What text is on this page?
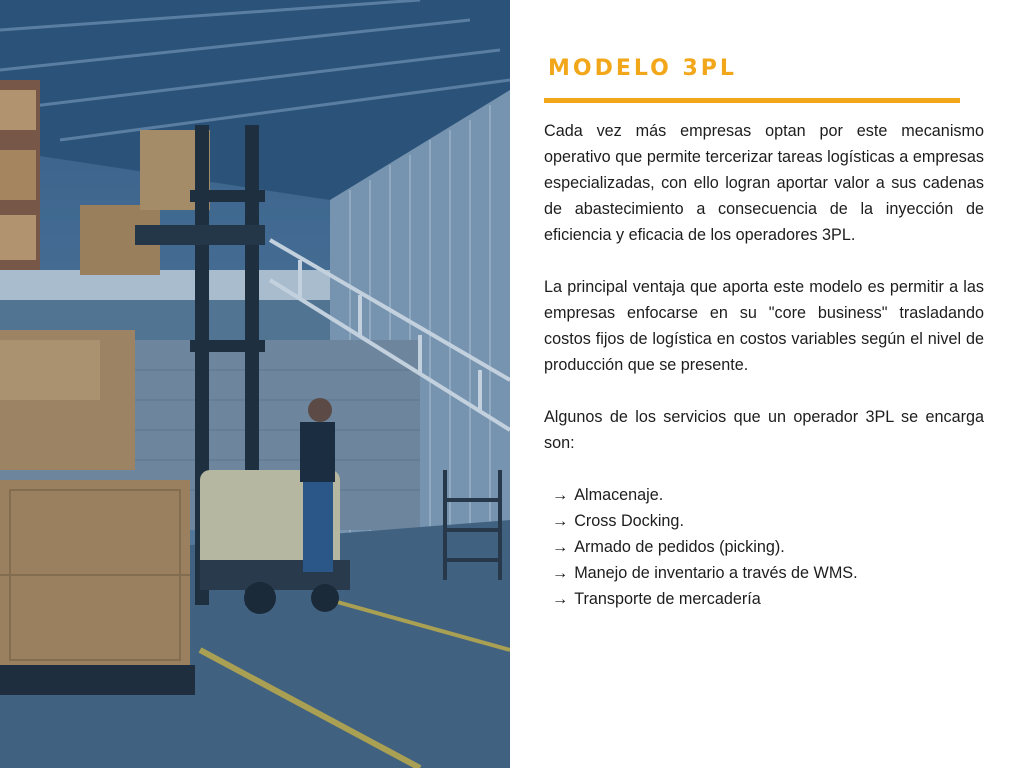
MODELO 3PL

Cada vez más empresas optan por este mecanismo operativo que permite tercerizar tareas logísticas a empresas especializadas, con ello logran aportar valor a sus cadenas de abastecimiento a consecuencia de la inyección de eficiencia y eficacia de los operadores 3PL.

La principal ventaja que aporta este modelo es permitir a las empresas enfocarse en su "core business" trasladando costos fijos de logística en costos variables según el nivel de producción que se presente.

Algunos de los servicios que un operador 3PL se encarga son:

→ Almacenaje.
→ Cross Docking.
→ Armado de pedidos (picking).
→ Manejo de inventario a través de WMS.
→ Transporte de mercadería
